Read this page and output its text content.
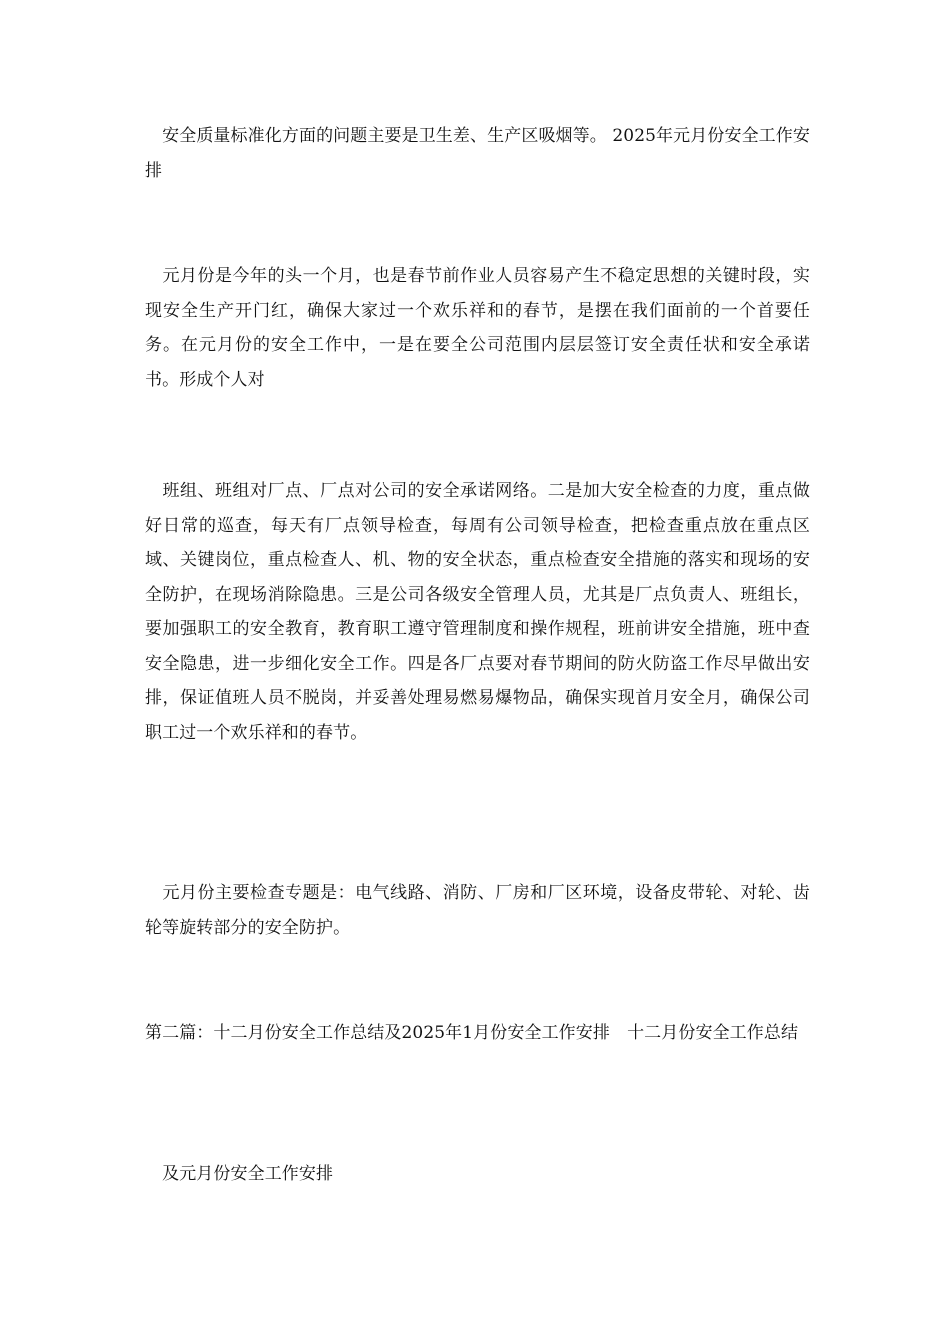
　安全质量标准化方面的问题主要是卫生差、生产区吸烟等。 2025年元月份安全工作安排

　元月份是今年的头一个月，也是春节前作业人员容易产生不稳定思想的关键时段，实现安全生产开门红，确保大家过一个欢乐祥和的春节，是摆在我们面前的一个首要任务。在元月份的安全工作中，一是在要全公司范围内层层签订安全责任状和安全承诺书。形成个人对

　班组、班组对厂点、厂点对公司的安全承诺网络。二是加大安全检查的力度，重点做好日常的巡查，每天有厂点领导检查，每周有公司领导检查，把检查重点放在重点区域、关键岗位，重点检查人、机、物的安全状态，重点检查安全措施的落实和现场的安全防护，在现场消除隐患。三是公司各级安全管理人员，尤其是厂点负责人、班组长，要加强职工的安全教育，教育职工遵守管理制度和操作规程，班前讲安全措施，班中查安全隐患，进一步细化安全工作。四是各厂点要对春节期间的防火防盗工作尽早做出安排，保证值班人员不脱岗，并妥善处理易燃易爆物品，确保实现首月安全月，确保公司职工过一个欢乐祥和的春节。

　元月份主要检查专题是：电气线路、消防、厂房和厂区环境，设备皮带轮、对轮、齿轮等旋转部分的安全防护。

第二篇：十二月份安全工作总结及2025年1月份安全工作安排　十二月份安全工作总结

　及元月份安全工作安排
